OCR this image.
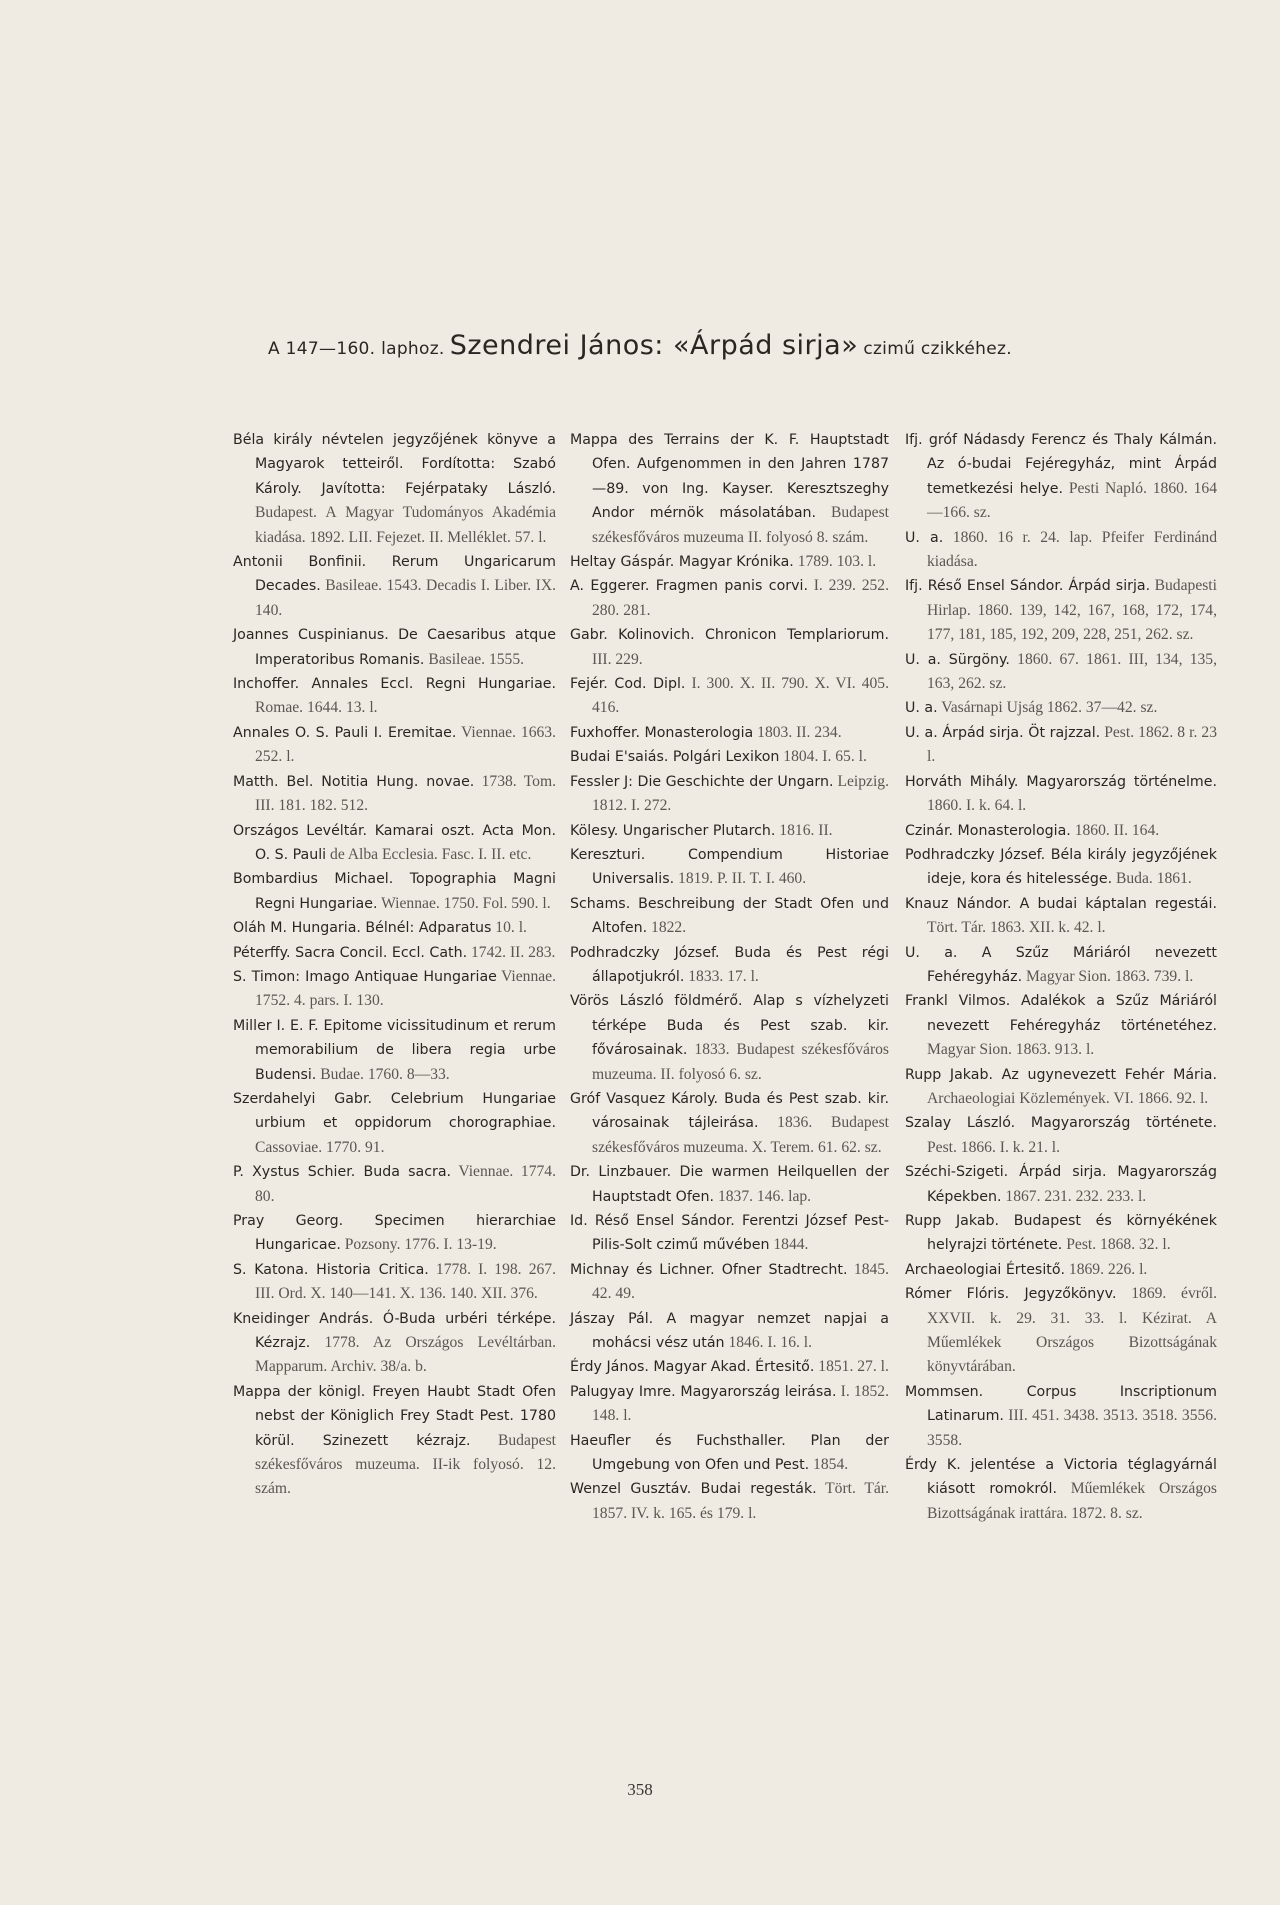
A 147—160. laphoz. Szendrei János: «Árpád sirja» czimű czikkéhez.

Béla király névtelen jegyzőjének könyve a Magyarok tetteiről. Fordította: Szabó Károly. Javította: Fejérpataky László. Budapest. A Magyar Tudományos Akadémia kiadása. 1892. LII. Fejezet. II. Melléklet. 57. l.

Antonii Bonfinii. Rerum Ungaricarum Decades. Basileae. 1543. Decadis I. Liber. IX. 140.

Joannes Cuspinianus. De Caesaribus atque Imperatoribus Romanis. Basileae. 1555.

Inchoffer. Annales Eccl. Regni Hungariae. Romae. 1644. 13. l.

Annales O. S. Pauli I. Eremitae. Viennae. 1663. 252. l.

Matth. Bel. Notitia Hung. novae. 1738. Tom. III. 181. 182. 512.

Országos Levéltár. Kamarai oszt. Acta Mon. O. S. Pauli de Alba Ecclesia. Fasc. I. II. etc.

Bombardius Michael. Topographia Magni Regni Hungariae. Wiennae. 1750. Fol. 590. l.

Oláh M. Hungaria. Bélnél: Adparatus 10. l.

Péterffy. Sacra Concil. Eccl. Cath. 1742. II. 283.

S. Timon: Imago Antiquae Hungariae Viennae. 1752. 4. pars. I. 130.

Miller I. E. F. Epitome vicissitudinum et rerum memorabilium de libera regia urbe Budensi. Budae. 1760. 8—33.

Szerdahelyi Gabr. Celebrium Hungariae urbium et oppidorum chorographiae. Cassoviae. 1770. 91.

P. Xystus Schier. Buda sacra. Viennae. 1774. 80.

Pray Georg. Specimen hierarchiae Hungaricae. Pozsony. 1776. I. 13-19.

S. Katona. Historia Critica. 1778. I. 198. 267. III. Ord. X. 140—141. X. 136. 140. XII. 376.

Kneidinger András. Ó-Buda urbéri térképe. Kézrajz. 1778. Az Országos Levéltárban. Mapparum. Archiv. 38/a. b.

Mappa der königl. Freyen Haubt Stadt Ofen nebst der Königlich Frey Stadt Pest. 1780 körül. Szinezett kézrajz. Budapest székesfőváros muzeuma. II-ik folyosó. 12. szám.

Mappa des Terrains der K. F. Hauptstadt Ofen. Aufgenommen in den Jahren 1787—89. von Ing. Kayser. Keresztszeghy Andor mérnök másolatában. Budapest székesfőváros muzeuma II. folyosó 8. szám.

Heltay Gáspár. Magyar Krónika. 1789. 103. l.

A. Eggerer. Fragmen panis corvi. I. 239. 252. 280. 281.

Gabr. Kolinovich. Chronicon Templariorum. III. 229.

Fejér. Cod. Dipl. I. 300. X. II. 790. X. VI. 405. 416.

Fuxhoffer. Monasterologia 1803. II. 234.

Budai E'saiás. Polgári Lexikon 1804. I. 65. l.

Fessler J: Die Geschichte der Ungarn. Leipzig. 1812. I. 272.

Kölesy. Ungarischer Plutarch. 1816. II.

Kereszturi. Compendium Historiae Universalis. 1819. P. II. T. I. 460.

Schams. Beschreibung der Stadt Ofen und Altofen. 1822.

Podhradczky József. Buda és Pest régi állapotjukról. 1833. 17. l.

Vörös László földmérő. Alap s vízhelyzeti térképe Buda és Pest szab. kir. fővárosainak. 1833. Budapest székesfőváros muzeuma. II. folyosó 6. sz.

Gróf Vasquez Károly. Buda és Pest szab. kir. városainak tájleirása. 1836. Budapest székesfőváros muzeuma. X. Terem. 61. 62. sz.

Dr. Linzbauer. Die warmen Heilquellen der Hauptstadt Ofen. 1837. 146. lap.

Id. Réső Ensel Sándor. Ferentzi József Pest-Pilis-Solt czimű művében 1844.

Michnay és Lichner. Ofner Stadtrecht. 1845. 42. 49.

Jászay Pál. A magyar nemzet napjai a mohácsi vész után 1846. I. 16. l.

Érdy János. Magyar Akad. Értesitő. 1851. 27. l.

Palugyay Imre. Magyarország leirása. I. 1852. 148. l.

Haeufler és Fuchsthaller. Plan der Umgebung von Ofen und Pest. 1854.

Wenzel Gusztáv. Budai regesták. Tört. Tár. 1857. IV. k. 165. és 179. l.

Ifj. gróf Nádasdy Ferencz és Thaly Kálmán. Az ó-budai Fejéregyház, mint Árpád temetkezési helye. Pesti Napló. 1860. 164—166. sz.

U. a. 1860. 16 r. 24. lap. Pfeifer Ferdinánd kiadása.

Ifj. Réső Ensel Sándor. Árpád sirja. Budapesti Hirlap. 1860. 139, 142, 167, 168, 172, 174, 177, 181, 185, 192, 209, 228, 251, 262. sz.

U. a. Sürgöny. 1860. 67. 1861. III, 134, 135, 163, 262. sz.

U. a. Vasárnapi Ujság 1862. 37—42. sz.

U. a. Árpád sirja. Öt rajzzal. Pest. 1862. 8 r. 23 l.

Horváth Mihály. Magyarország történelme. 1860. I. k. 64. l.

Czinár. Monasterologia. 1860. II. 164.

Podhradczky József. Béla király jegyzőjének ideje, kora és hitelessége. Buda. 1861.

Knauz Nándor. A budai káptalan regestái. Tört. Tár. 1863. XII. k. 42. l.

U. a. A Szűz Máriáról nevezett Fehéregyház. Magyar Sion. 1863. 739. l.

Frankl Vilmos. Adalékok a Szűz Máriáról nevezett Fehéregyház történetéhez. Magyar Sion. 1863. 913. l.

Rupp Jakab. Az ugynevezett Fehér Mária. Archaeologiai Közlemények. VI. 1866. 92. l.

Szalay László. Magyarország története. Pest. 1866. I. k. 21. l.

Széchi-Szigeti. Árpád sirja. Magyarország Képekben. 1867. 231. 232. 233. l.

Rupp Jakab. Budapest és környékének helyrajzi története. Pest. 1868. 32. l.

Archaeologiai Értesitő. 1869. 226. l.

Rómer Flóris. Jegyzőkönyv. 1869. évről. XXVII. k. 29. 31. 33. l. Kézirat. A Műemlékek Országos Bizottságának könyvtárában.

Mommsen. Corpus Inscriptionum Latinarum. III. 451. 3438. 3513. 3518. 3556. 3558.

Érdy K. jelentése a Victoria téglagyárnál kiásott romokról. Műemlékek Országos Bizottságának irattára. 1872. 8. sz.

358
